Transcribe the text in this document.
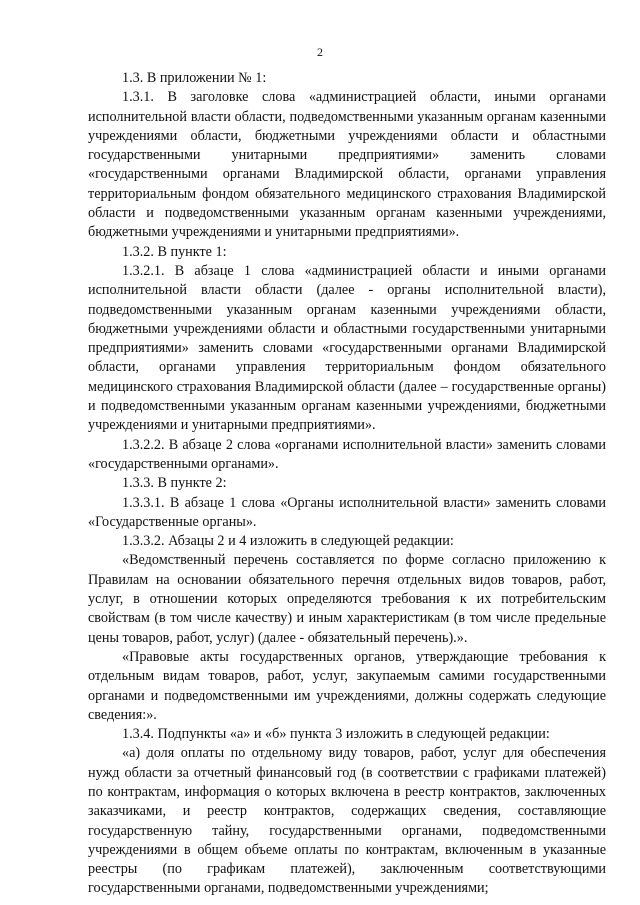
2

1.3. В приложении № 1:

1.3.1. В заголовке слова «администрацией области, иными органами исполнительной власти области, подведомственными указанным органам казенными учреждениями области, бюджетными учреждениями области и областными государственными унитарными предприятиями» заменить словами «государственными органами Владимирской области, органами управления территориальным фондом обязательного медицинского страхования Владимирской области и подведомственными указанным органам казенными учреждениями, бюджетными учреждениями и унитарными предприятиями».

1.3.2. В пункте 1:

1.3.2.1. В абзаце 1 слова «администрацией области и иными органами исполнительной власти области (далее - органы исполнительной власти), подведомственными указанным органам казенными учреждениями области, бюджетными учреждениями области и областными государственными унитарными предприятиями» заменить словами «государственными органами Владимирской области, органами управления территориальным фондом обязательного медицинского страхования Владимирской области (далее – государственные органы) и подведомственными указанным органам казенными учреждениями, бюджетными учреждениями и унитарными предприятиями».

1.3.2.2. В абзаце 2 слова «органами исполнительной власти» заменить словами «государственными органами».

1.3.3. В пункте 2:

1.3.3.1. В абзаце 1 слова «Органы исполнительной власти» заменить словами «Государственные органы».

1.3.3.2. Абзацы 2 и 4 изложить в следующей редакции:

«Ведомственный перечень составляется по форме согласно приложению к Правилам на основании обязательного перечня отдельных видов товаров, работ, услуг, в отношении которых определяются требования к их потребительским свойствам (в том числе качеству) и иным характеристикам (в том числе предельные цены товаров, работ, услуг) (далее - обязательный перечень).».

«Правовые акты государственных органов, утверждающие требования к отдельным видам товаров, работ, услуг, закупаемым самими государственными органами и подведомственными им учреждениями, должны содержать следующие сведения:».

1.3.4. Подпункты «а» и «б» пункта 3 изложить в следующей редакции:

«а) доля оплаты по отдельному виду товаров, работ, услуг для обеспечения нужд области за отчетный финансовый год (в соответствии с графиками платежей) по контрактам, информация о которых включена в реестр контрактов, заключенных заказчиками, и реестр контрактов, содержащих сведения, составляющие государственную тайну, государственными органами, подведомственными учреждениями в общем объеме оплаты по контрактам, включенным в указанные реестры (по графикам платежей), заключенным соответствующими государственными органами, подведомственными учреждениями;
